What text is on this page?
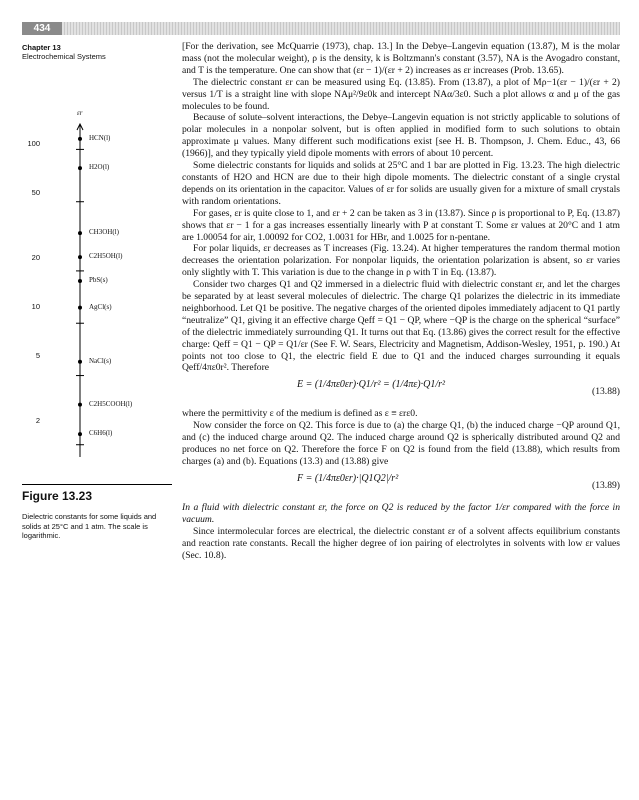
434
Chapter 13
Electrochemical Systems
εr
100
50
20
10
5
2
HCN(l)
H2O(l)
CH3OH(l)
C2H5OH(l)
PbS(s)
AgCl(s)
NaCl(s)
C2H5COOH(l)
C6H6(l)
Figure 13.23
Dielectric constants for some liquids and solids at 25°C and 1 atm. The scale is logarithmic.

[For the derivation, see McQuarrie (1973), chap. 13.] In the Debye–Langevin equation (13.87), M is the molar mass (not the molecular weight), ρ is the density, k is Boltzmann's constant (3.57), NA is the Avogadro constant, and T is the temperature. One can show that (εr − 1)/(εr + 2) increases as εr increases (Prob. 13.65).

The dielectric constant εr can be measured using Eq. (13.85). From (13.87), a plot of Mρ−1(εr − 1)/(εr + 2) versus 1/T is a straight line with slope NAμ²/9ε0k and intercept NAα/3ε0. Such a plot allows α and μ of the gas molecules to be found.

Because of solute–solvent interactions, the Debye–Langevin equation is not strictly applicable to solutions of polar molecules in a nonpolar solvent, but is often applied in modified form to such solutions to obtain approximate μ values. Many different such modifications exist [see H. B. Thompson, J. Chem. Educ., 43, 66 (1966)], and they typically yield dipole moments with errors of about 10 percent.

Some dielectric constants for liquids and solids at 25°C and 1 bar are plotted in Fig. 13.23. The high dielectric constants of H2O and HCN are due to their high dipole moments. The dielectric constant of a single crystal depends on its orientation in the capacitor. Values of εr for solids are usually given for a mixture of small crystals with random orientations.

For gases, εr is quite close to 1, and εr + 2 can be taken as 3 in (13.87). Since ρ is proportional to P, Eq. (13.87) shows that εr − 1 for a gas increases essentially linearly with P at constant T. Some εr values at 20°C and 1 atm are 1.00054 for air, 1.00092 for CO2, 1.0031 for HBr, and 1.0025 for n-pentane.

For polar liquids, εr decreases as T increases (Fig. 13.24). At higher temperatures the random thermal motion decreases the orientation polarization. For nonpolar liquids, the orientation polarization is absent, so εr varies only slightly with T. This variation is due to the change in ρ with T in Eq. (13.87).

Consider two charges Q1 and Q2 immersed in a dielectric fluid with dielectric constant εr, and let the charges be separated by at least several molecules of dielectric. The charge Q1 polarizes the dielectric in its immediate neighborhood. Let Q1 be positive. The negative charges of the oriented dipoles immediately adjacent to Q1 partly “neutralize” Q1, giving it an effective charge Qeff = Q1 − QP, where −QP is the charge on the spherical “surface” of the dielectric immediately surrounding Q1. It turns out that Eq. (13.86) gives the correct result for the effective charge: Qeff = Q1 − QP = Q1/εr (See F. W. Sears, Electricity and Magnetism, Addison-Wesley, 1951, p. 190.) At points not too close to Q1, the electric field E due to Q1 and the induced charges surrounding it equals Qeff/4πε0r². Therefore

E = (1/4πε0εr)·Q1/r² = (1/4πε)·Q1/r²
(13.88)

where the permittivity ε of the medium is defined as ε ≡ εrε0.

Now consider the force on Q2. This force is due to (a) the charge Q1, (b) the induced charge −QP around Q1, and (c) the induced charge around Q2. The induced charge around Q2 is spherically distributed around Q2 and produces no net force on Q2. Therefore the force F on Q2 is found from the field (13.88), which results from charges (a) and (b). Equations (13.3) and (13.88) give

F = (1/4πε0εr)·|Q1Q2|/r²
(13.89)

In a fluid with dielectric constant εr, the force on Q2 is reduced by the factor 1/εr compared with the force in vacuum.

Since intermolecular forces are electrical, the dielectric constant εr of a solvent affects equilibrium constants and reaction rate constants. Recall the higher degree of ion pairing of electrolytes in solvents with low εr values (Sec. 10.8).
